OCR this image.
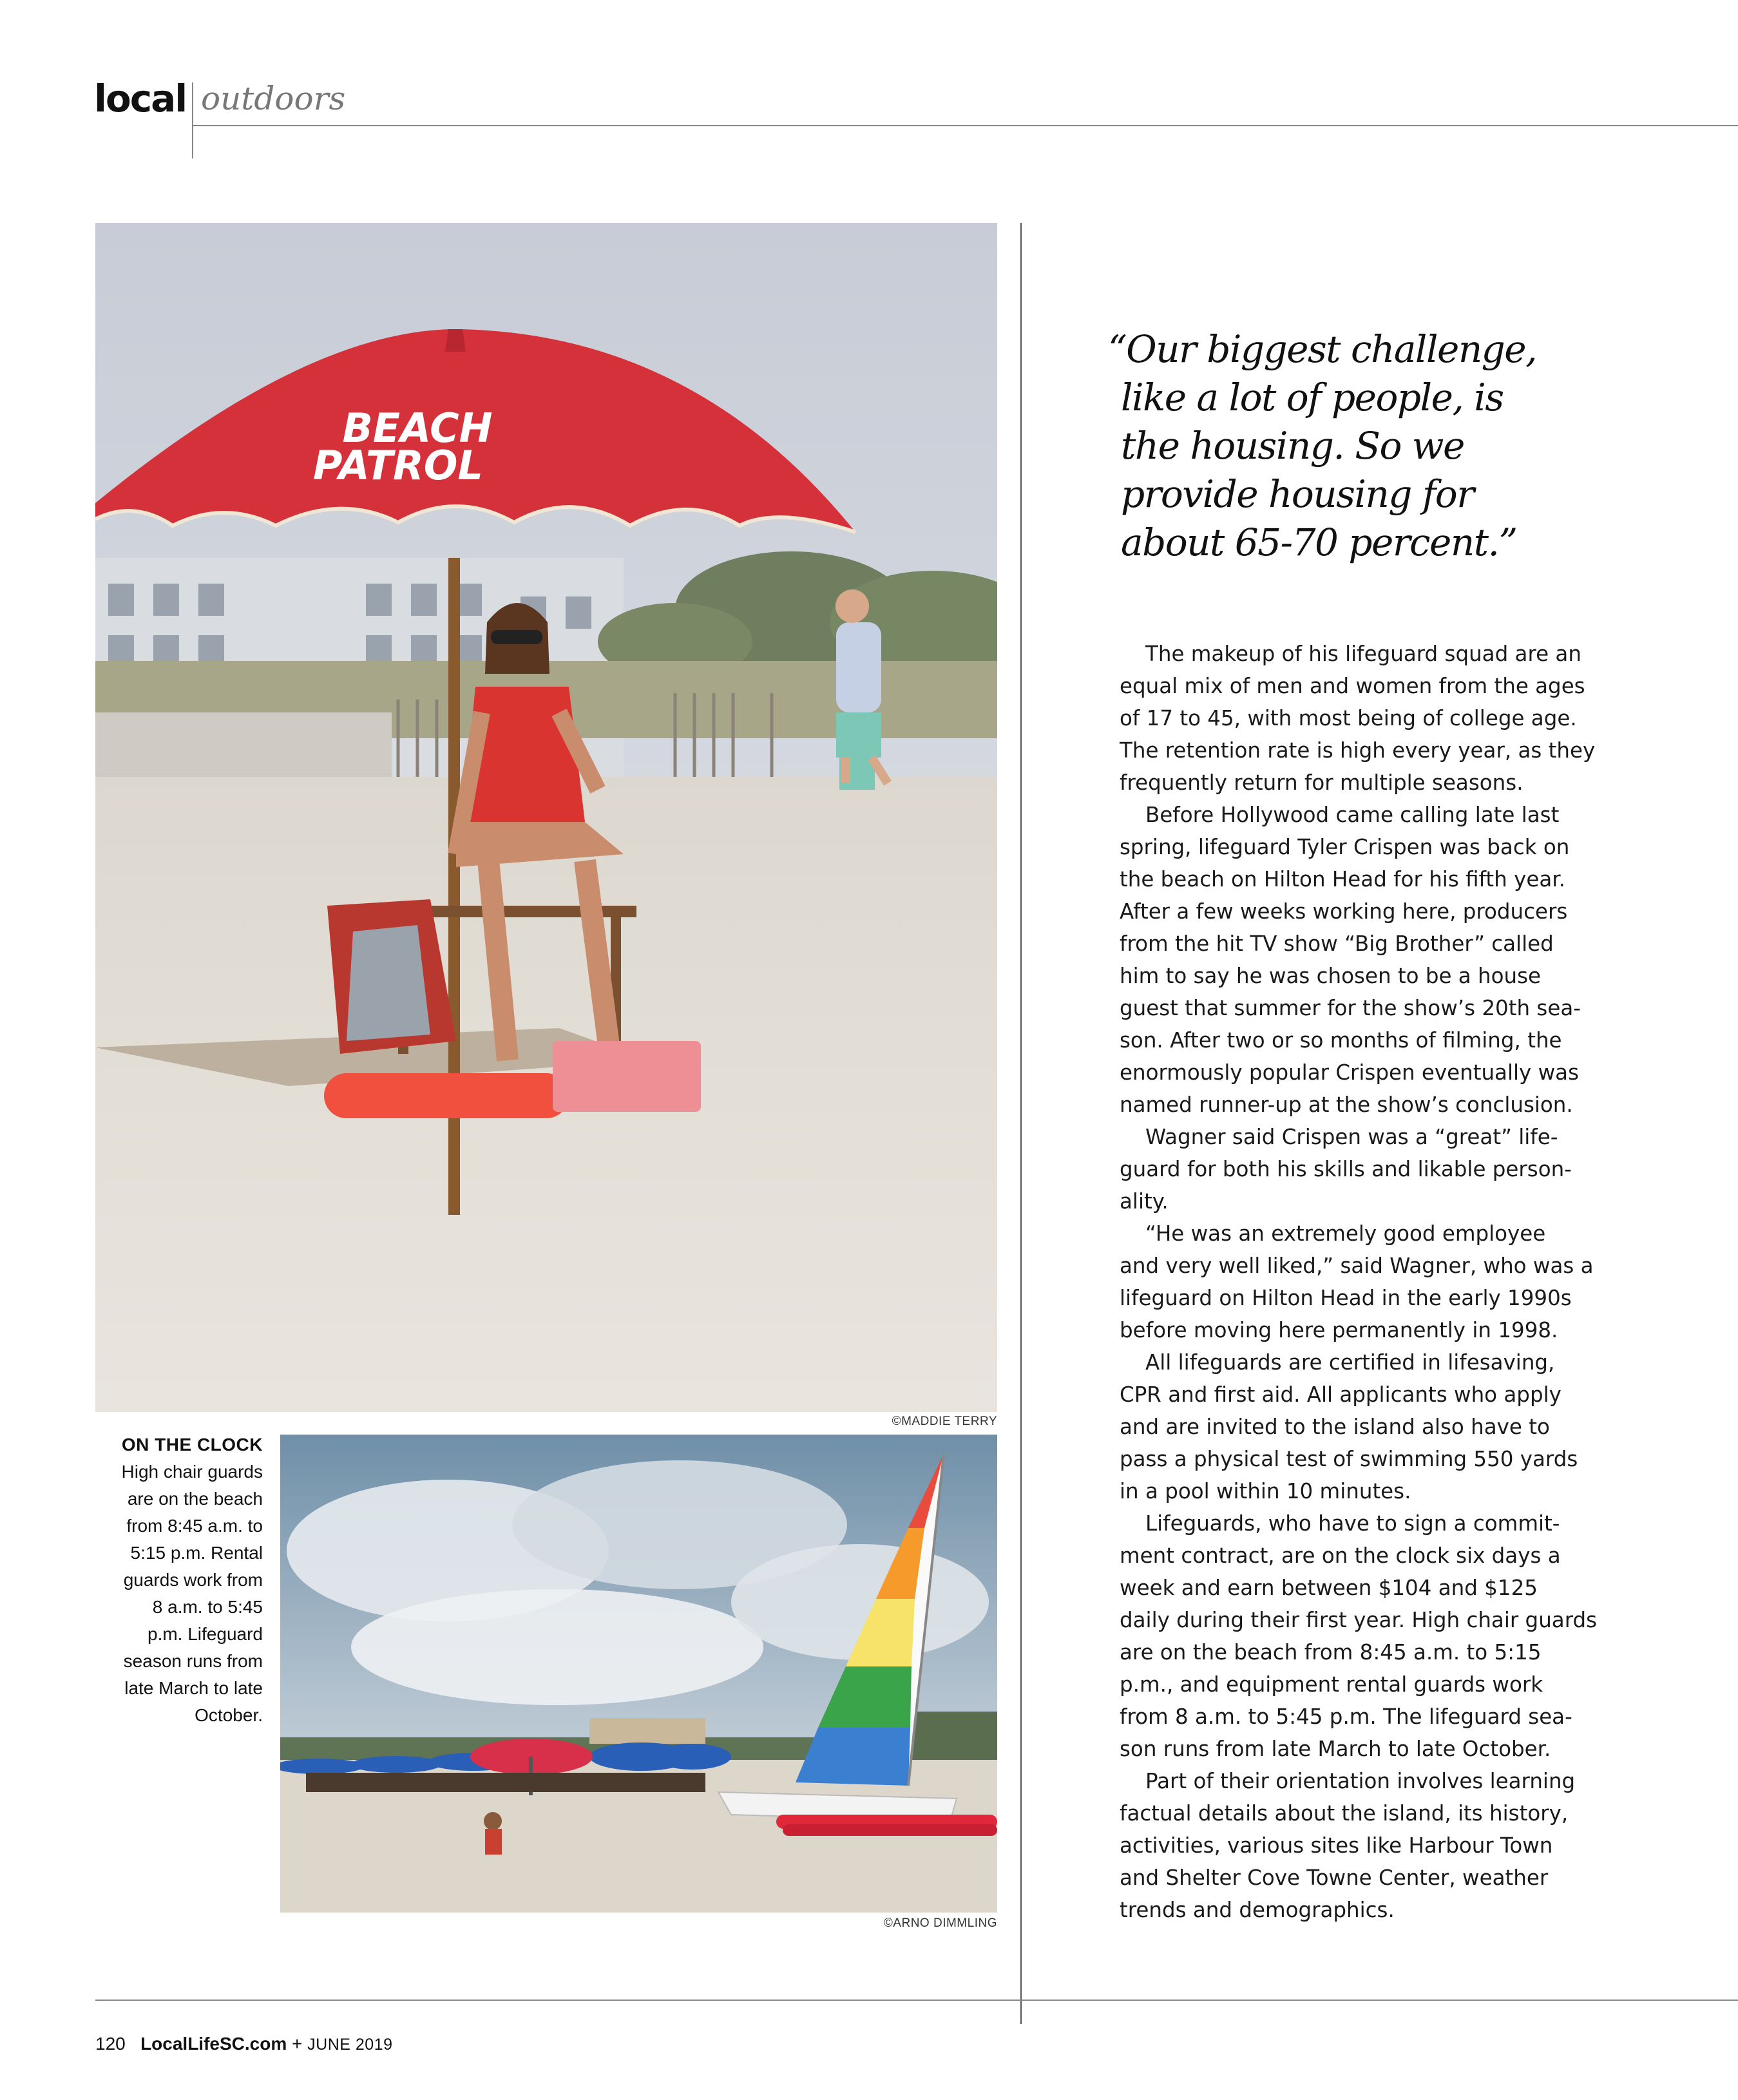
local outdoors
BEACH
PATROL
©MADDIE TERRY
ON THE CLOCK
High chair guards
are on the beach
from 8:45 a.m. to
5:15 p.m. Rental
guards work from
8 a.m. to 5:45
p.m. Lifeguard
season runs from
late March to late
October.
©ARNO DIMMLING
“Our biggest challenge,
like a lot of people, is
the housing. So we
provide housing for
about 65-70 percent.”
The makeup of his lifeguard squad are an
equal mix of men and women from the ages
of 17 to 45, with most being of college age.
The retention rate is high every year, as they
frequently return for multiple seasons.
Before Hollywood came calling late last
spring, lifeguard Tyler Crispen was back on
the beach on Hilton Head for his fifth year.
After a few weeks working here, producers
from the hit TV show “Big Brother” called
him to say he was chosen to be a house
guest that summer for the show’s 20th sea-
son. After two or so months of filming, the
enormously popular Crispen eventually was
named runner-up at the show’s conclusion.
Wagner said Crispen was a “great” life-
guard for both his skills and likable person-
ality.
“He was an extremely good employee
and very well liked,” said Wagner, who was a
lifeguard on Hilton Head in the early 1990s
before moving here permanently in 1998.
All lifeguards are certified in lifesaving,
CPR and first aid. All applicants who apply
and are invited to the island also have to
pass a physical test of swimming 550 yards
in a pool within 10 minutes.
Lifeguards, who have to sign a commit-
ment contract, are on the clock six days a
week and earn between $104 and $125
daily during their first year. High chair guards
are on the beach from 8:45 a.m. to 5:15
p.m., and equipment rental guards work
from 8 a.m. to 5:45 p.m. The lifeguard sea-
son runs from late March to late October.
Part of their orientation involves learning
factual details about the island, its history,
activities, various sites like Harbour Town
and Shelter Cove Towne Center, weather
trends and demographics.
120 LocalLifeSC.com + JUNE 2019
